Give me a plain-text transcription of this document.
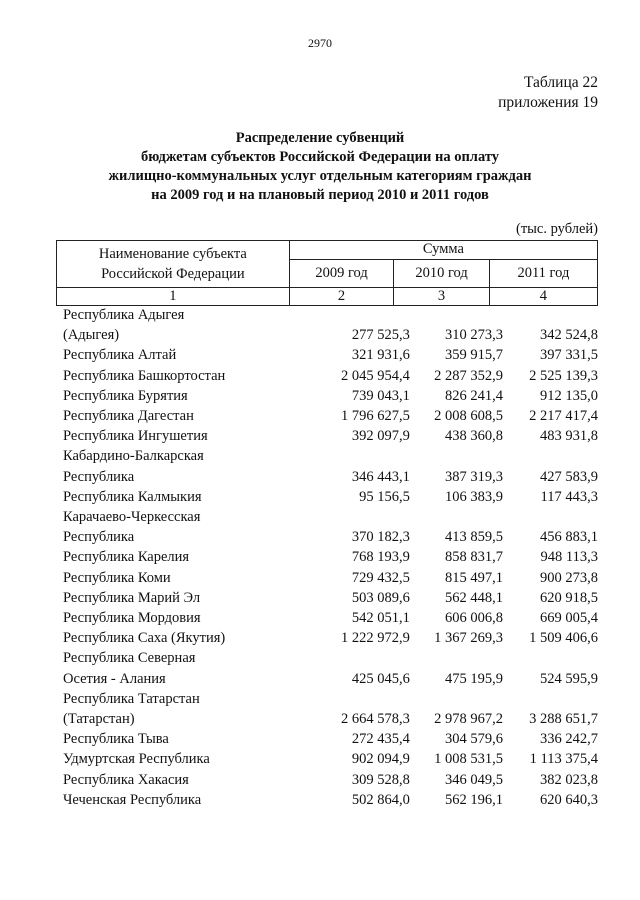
2970
Таблица 22
приложения 19
Распределение субвенций
бюджетам субъектов Российской Федерации на оплату
жилищно-коммунальных услуг отдельным категориям граждан
на 2009 год и на плановый период 2010 и 2011 годов
(тыс. рублей)
Наименование субъекта Российской Федерации	Сумма		
	2009 год	2010 год	2011 год
1	2	3	4
Республика Адыгея
(Адыгея)	277 525,3	310 273,3	342 524,8
Республика Алтай	321 931,6	359 915,7	397 331,5
Республика Башкортостан	2 045 954,4	2 287 352,9	2 525 139,3
Республика Бурятия	739 043,1	826 241,4	912 135,0
Республика Дагестан	1 796 627,5	2 008 608,5	2 217 417,4
Республика Ингушетия	392 097,9	438 360,8	483 931,8
Кабардино-Балкарская
Республика	346 443,1	387 319,3	427 583,9
Республика Калмыкия	95 156,5	106 383,9	117 443,3
Карачаево-Черкесская
Республика	370 182,3	413 859,5	456 883,1
Республика Карелия	768 193,9	858 831,7	948 113,3
Республика Коми	729 432,5	815 497,1	900 273,8
Республика Марий Эл	503 089,6	562 448,1	620 918,5
Республика Мордовия	542 051,1	606 006,8	669 005,4
Республика Саха (Якутия)	1 222 972,9	1 367 269,3	1 509 406,6
Республика Северная
Осетия - Алания	425 045,6	475 195,9	524 595,9
Республика Татарстан
(Татарстан)	2 664 578,3	2 978 967,2	3 288 651,7
Республика Тыва	272 435,4	304 579,6	336 242,7
Удмуртская Республика	902 094,9	1 008 531,5	1 113 375,4
Республика Хакасия	309 528,8	346 049,5	382 023,8
Чеченская Республика	502 864,0	562 196,1	620 640,3
